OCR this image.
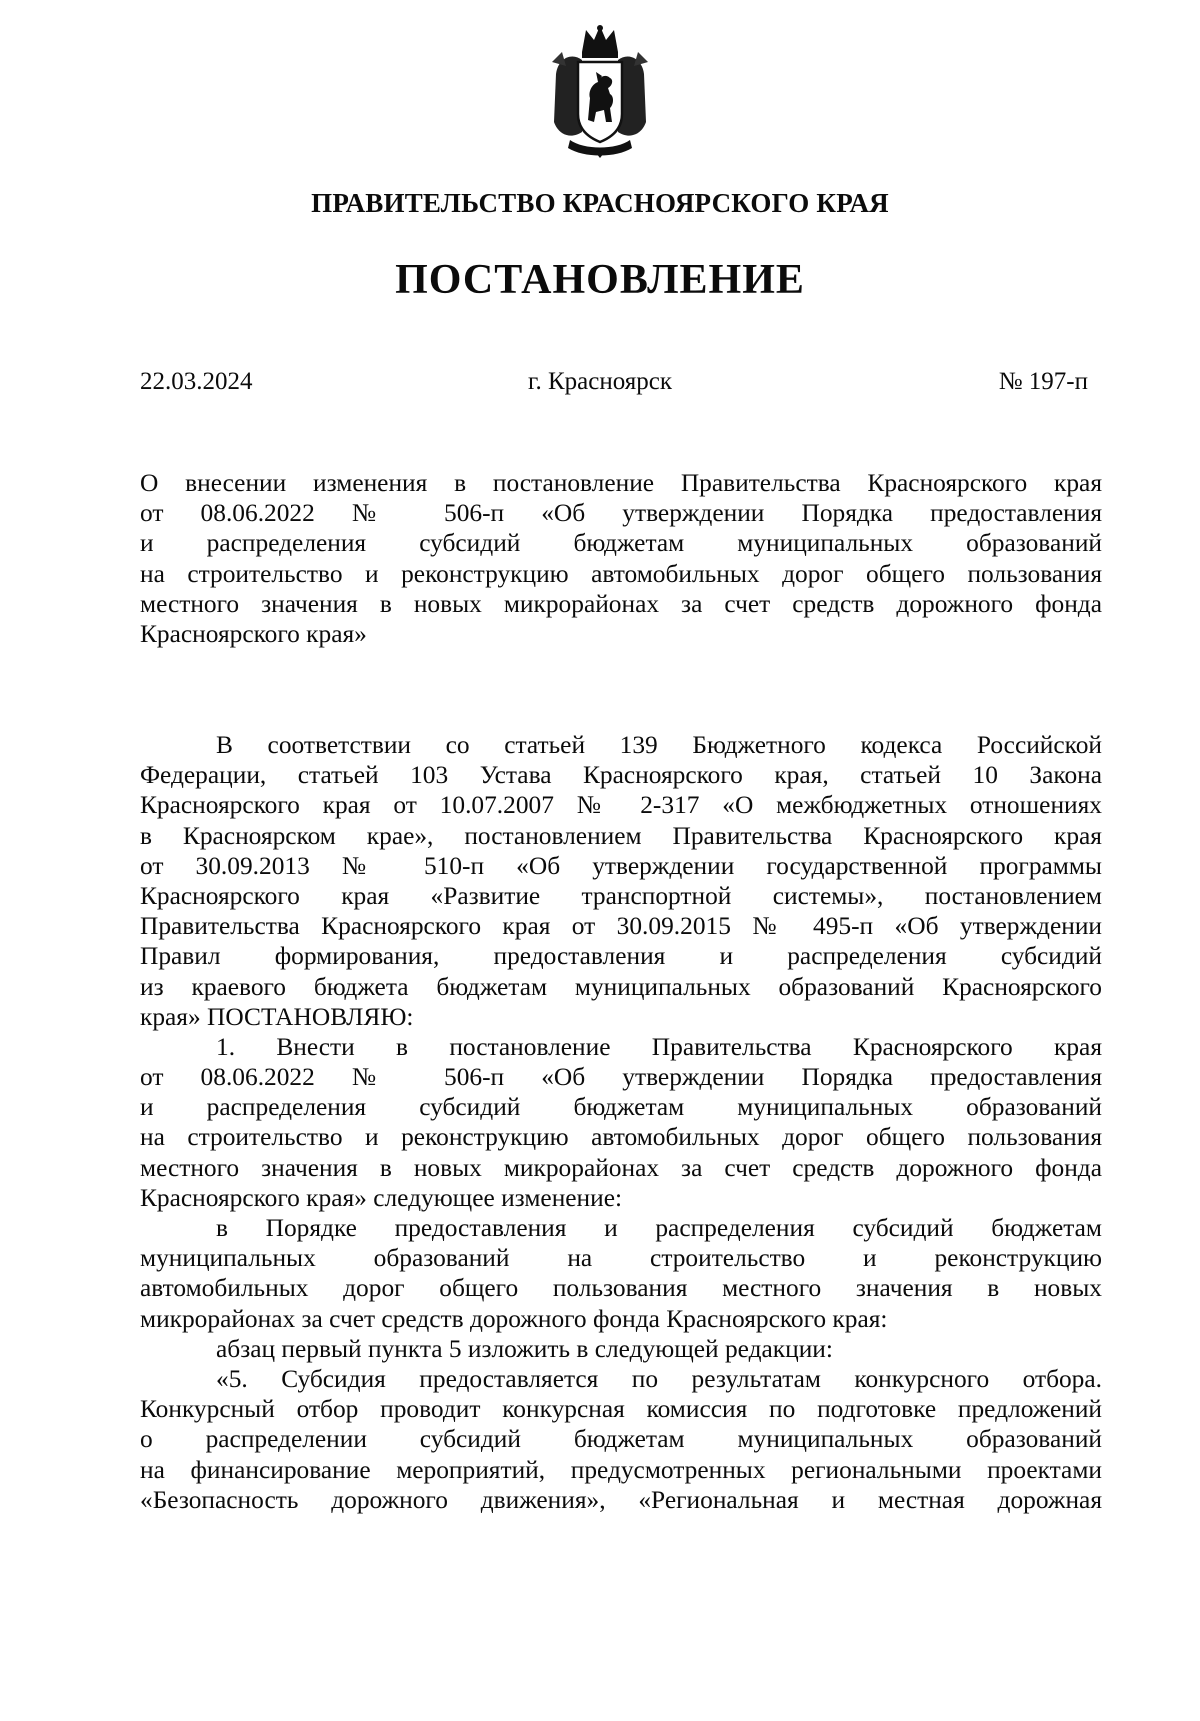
ПРАВИТЕЛЬСТВО КРАСНОЯРСКОГО КРАЯ
ПОСТАНОВЛЕНИЕ
22.03.2024	г. Красноярск	№ 197-п
О внесении изменения в постановление Правительства Красноярского края
от 08.06.2022 № 506-п «Об утверждении Порядка предоставления
и распределения субсидий бюджетам муниципальных образований
на строительство и реконструкцию автомобильных дорог общего пользования
местного значения в новых микрорайонах за счет средств дорожного фонда
Красноярского края»
В соответствии со статьей 139 Бюджетного кодекса Российской
Федерации, статьей 103 Устава Красноярского края, статьей 10 Закона
Красноярского края от 10.07.2007 № 2-317 «О межбюджетных отношениях
в Красноярском крае», постановлением Правительства Красноярского края
от 30.09.2013 № 510-п «Об утверждении государственной программы
Красноярского края «Развитие транспортной системы», постановлением
Правительства Красноярского края от 30.09.2015 № 495-п «Об утверждении
Правил формирования, предоставления и распределения субсидий
из краевого бюджета бюджетам муниципальных образований Красноярского
края» ПОСТАНОВЛЯЮ:
1. Внести в постановление Правительства Красноярского края
от 08.06.2022 № 506-п «Об утверждении Порядка предоставления
и распределения субсидий бюджетам муниципальных образований
на строительство и реконструкцию автомобильных дорог общего пользования
местного значения в новых микрорайонах за счет средств дорожного фонда
Красноярского края» следующее изменение:
в Порядке предоставления и распределения субсидий бюджетам
муниципальных образований на строительство и реконструкцию
автомобильных дорог общего пользования местного значения в новых
микрорайонах за счет средств дорожного фонда Красноярского края:
абзац первый пункта 5 изложить в следующей редакции:
«5. Субсидия предоставляется по результатам конкурсного отбора.
Конкурсный отбор проводит конкурсная комиссия по подготовке предложений
о распределении субсидий бюджетам муниципальных образований
на финансирование мероприятий, предусмотренных региональными проектами
«Безопасность дорожного движения», «Региональная и местная дорожная
